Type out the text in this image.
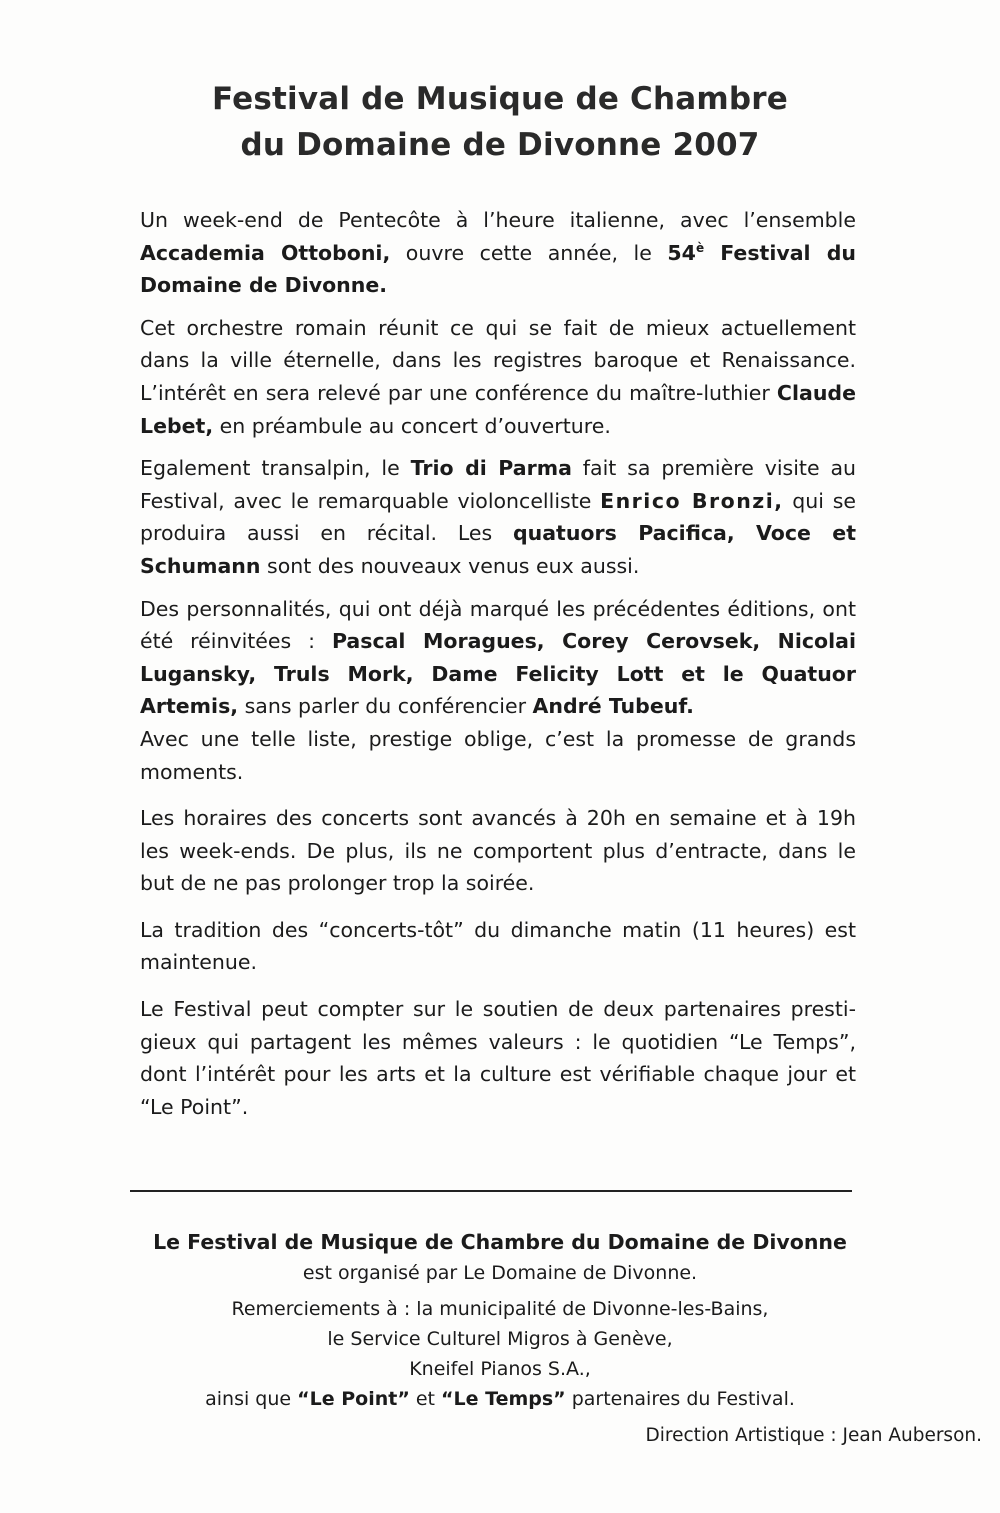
Festival de Musique de Chambre
du Domaine de Divonne 2007

Un week-end de Pentecôte à l’heure italienne, avec l’ensemble Accademia Ottoboni, ouvre cette année, le $54^è$ Festival du Domaine de Divonne.

Cet orchestre romain réunit ce qui se fait de mieux actuellement dans la ville éternelle, dans les registres baroque et Renaissance. L’intérêt en sera relevé par une conférence du maître-luthier Claude Lebet, en préambule au concert d’ouverture.

Egalement transalpin, le Trio di Parma fait sa première visite au Festival, avec le remarquable violoncelliste Enrico Bronzi, qui se produira aussi en récital. Les quatuors Pacifica, Voce et Schumann sont des nouveaux venus eux aussi.

Des personnalités, qui ont déjà marqué les précédentes éditions, ont été réinvitées : Pascal Moragues, Corey Cerovsek, Nicolai Lugansky, Truls Mork, Dame Felicity Lott et le Quatuor Artemis, sans parler du conférencier André Tubeuf.

Avec une telle liste, prestige oblige, c’est la promesse de grands moments.

Les horaires des concerts sont avancés à 20h en semaine et à 19h les week-ends. De plus, ils ne comportent plus d’entracte, dans le but de ne pas prolonger trop la soirée.

La tradition des “concerts-tôt” du dimanche matin (11 heures) est maintenue.

Le Festival peut compter sur le soutien de deux partenaires prestigieux qui partagent les mêmes valeurs : le quotidien “Le Temps”, dont l’intérêt pour les arts et la culture est vérifiable chaque jour et “Le Point”.

Le Festival de Musique de Chambre du Domaine de Divonne
est organisé par Le Domaine de Divonne.
Remerciements à : la municipalité de Divonne-les-Bains,
le Service Culturel Migros à Genève,
Kneifel Pianos S.A.,
ainsi que “Le Point” et “Le Temps” partenaires du Festival.
Direction Artistique : Jean Auberson.
